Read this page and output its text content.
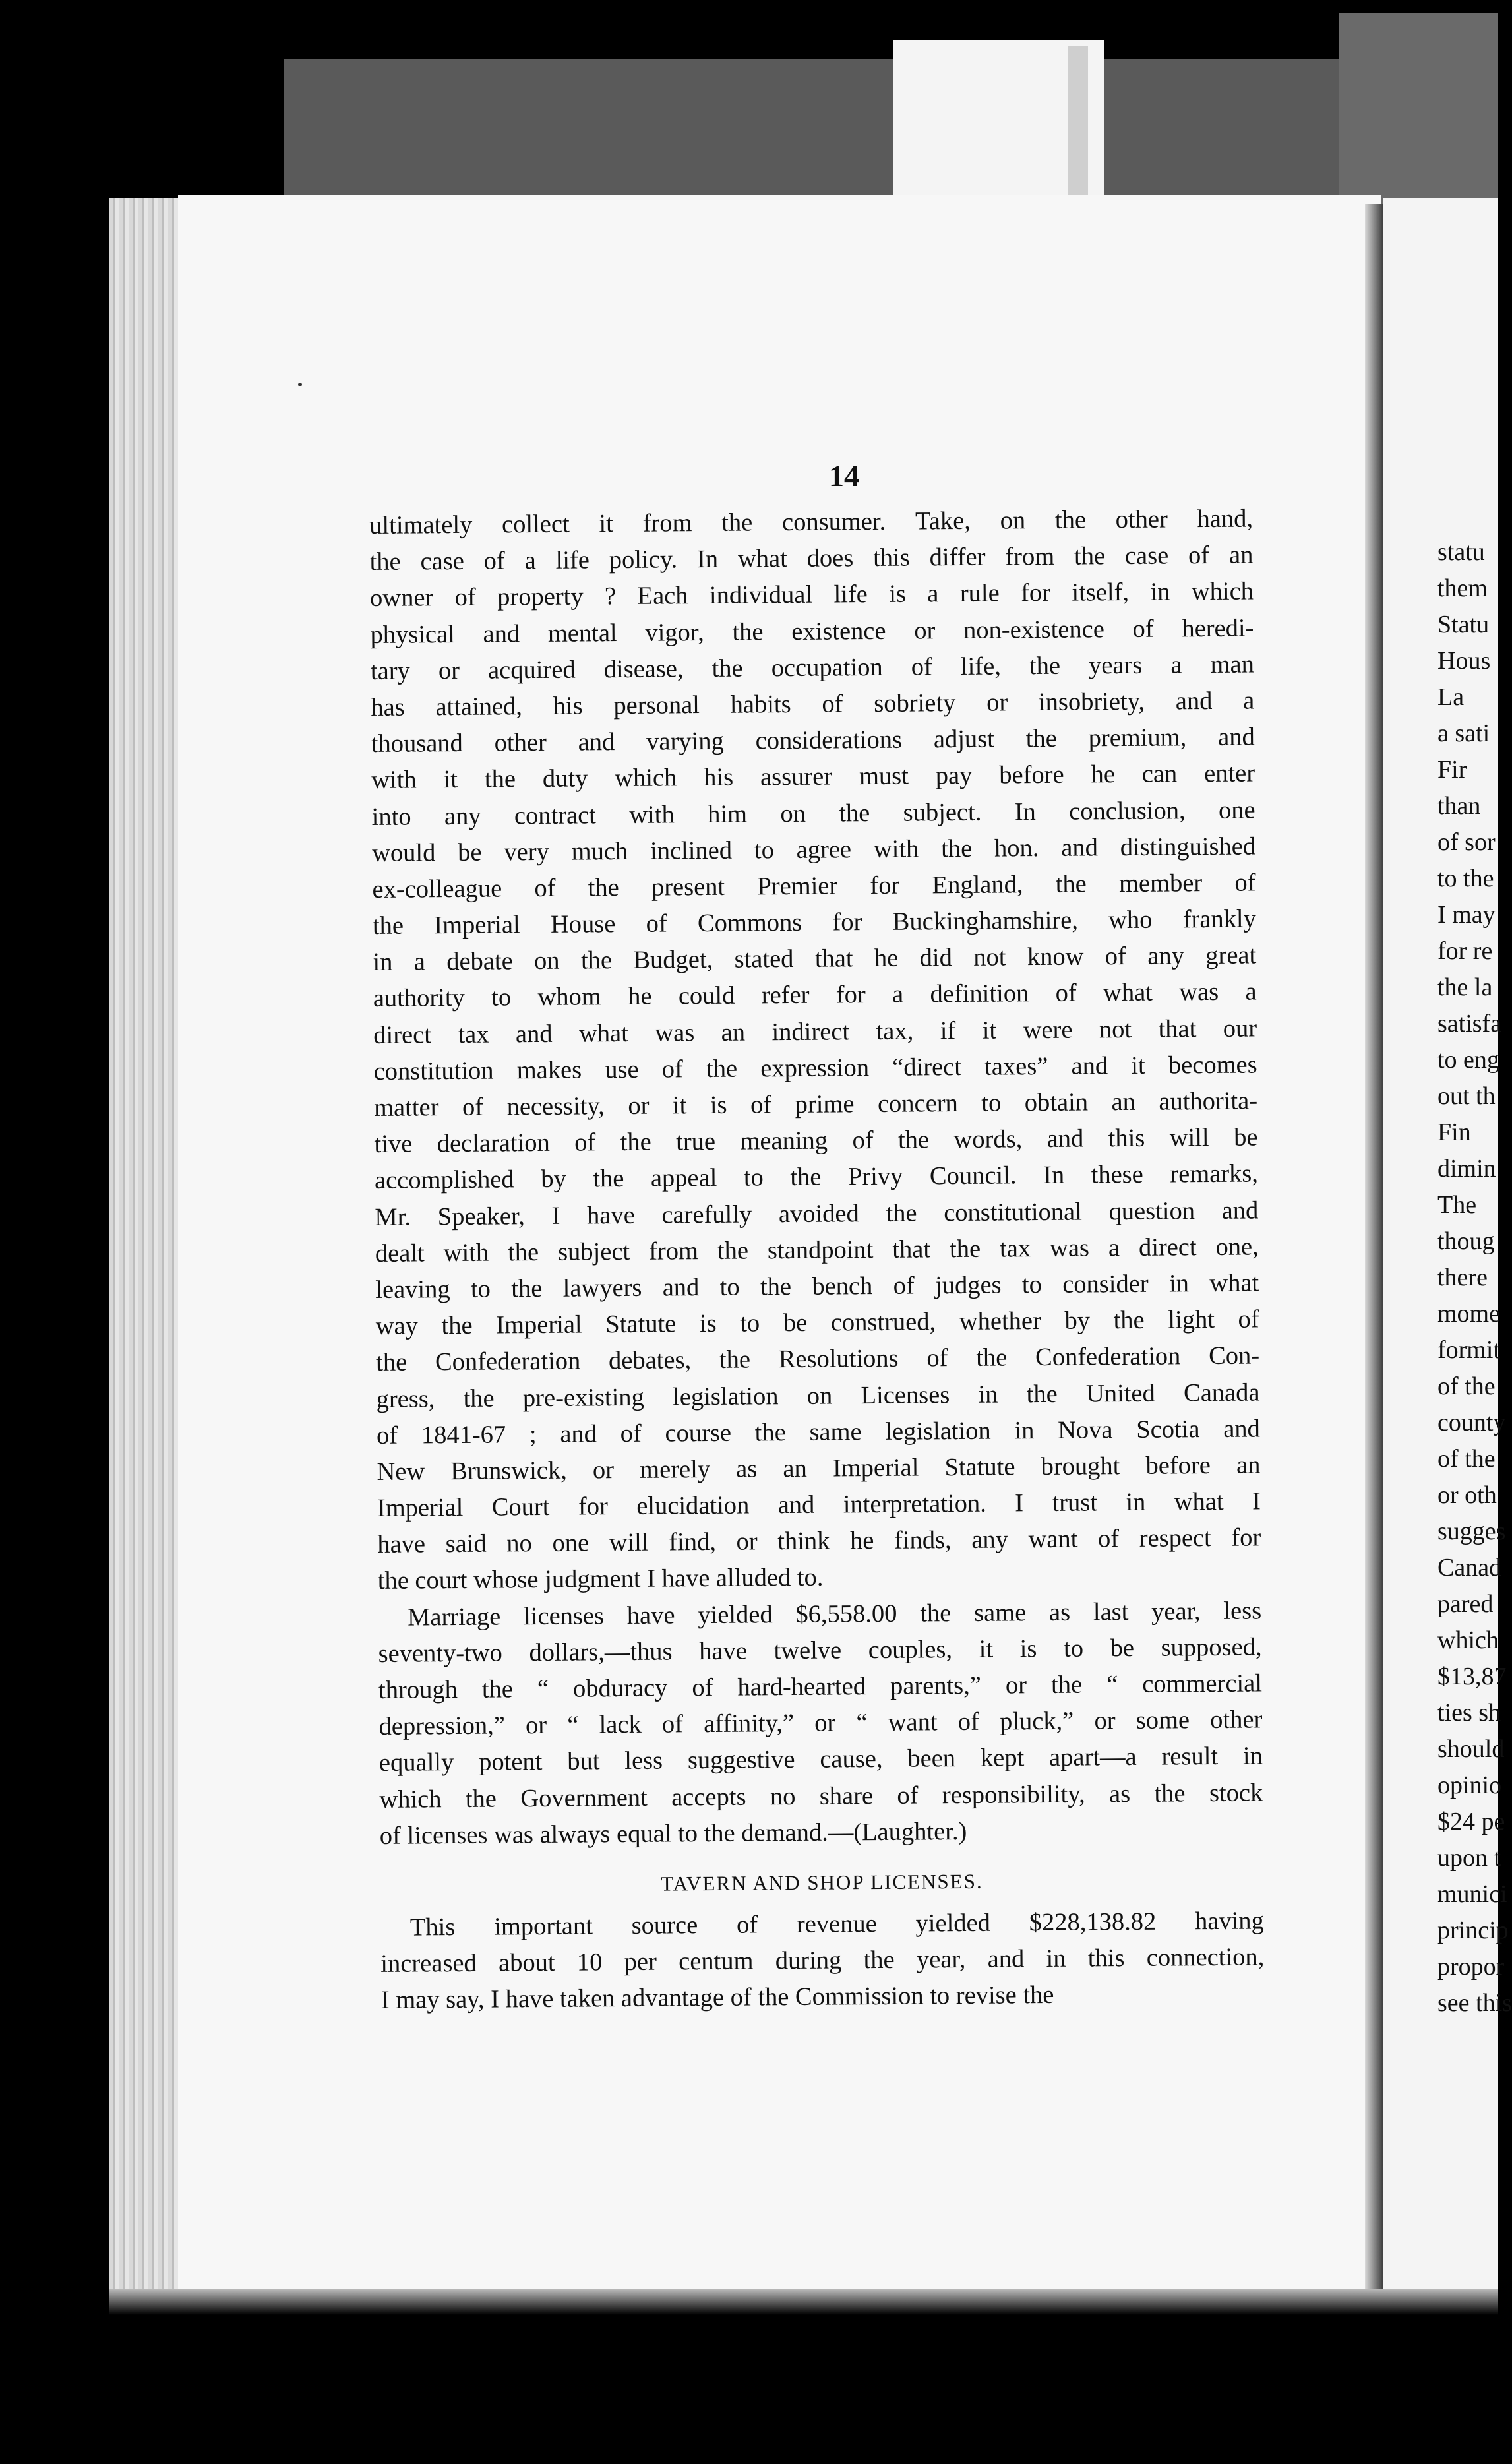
14
ultimately collect it from the consumer. Take, on the other hand,
the case of a life policy. In what does this differ from the case of an
owner of property ? Each individual life is a rule for itself, in which
physical and mental vigor, the existence or non-existence of heredi-
tary or acquired disease, the occupation of life, the years a man
has attained, his personal habits of sobriety or insobriety, and a
thousand other and varying considerations adjust the premium, and
with it the duty which his assurer must pay before he can enter
into any contract with him on the subject. In conclusion, one
would be very much inclined to agree with the hon. and distinguished
ex-colleague of the present Premier for England, the member of
the Imperial House of Commons for Buckinghamshire, who frankly
in a debate on the Budget, stated that he did not know of any great
authority to whom he could refer for a definition of what was a
direct tax and what was an indirect tax, if it were not that our
constitution makes use of the expression “direct taxes” and it becomes
matter of necessity, or it is of prime concern to obtain an authorita-
tive declaration of the true meaning of the words, and this will be
accomplished by the appeal to the Privy Council. In these remarks,
Mr. Speaker, I have carefully avoided the constitutional question and
dealt with the subject from the standpoint that the tax was a direct one,
leaving to the lawyers and to the bench of judges to consider in what
way the Imperial Statute is to be construed, whether by the light of
the Confederation debates, the Resolutions of the Confederation Con-
gress, the pre-existing legislation on Licenses in the United Canada
of 1841-67 ; and of course the same legislation in Nova Scotia and
New Brunswick, or merely as an Imperial Statute brought before an
Imperial Court for elucidation and interpretation. I trust in what I
have said no one will find, or think he finds, any want of respect for
the court whose judgment I have alluded to.
Marriage licenses have yielded $6,558.00 the same as last year, less
seventy-two dollars,—thus have twelve couples, it is to be supposed,
through the “ obduracy of hard-hearted parents,” or the “ commercial
depression,” or “ lack of affinity,” or “ want of pluck,” or some other
equally potent but less suggestive cause, been kept apart—a result in
which the Government accepts no share of responsibility, as the stock
of licenses was always equal to the demand.—(Laughter.)
TAVERN AND SHOP LICENSES.
This important source of revenue yielded $228,138.82 having
increased about 10 per centum during the year, and in this connection,
I may say, I have taken advantage of the Commission to revise the
statu
them
Statu
Hous
La
a sati
Fir
than
of sor
to the
I may
for re
the la
satisfa
to eng
out th
Fin
dimin
The
thoug
there
mome
formit
of the
county
of the
or oth
sugges
Canad
pared
which
$13,87
ties sh
should
opinio
$24 pe
upon t
munici
princip
propor
see this
